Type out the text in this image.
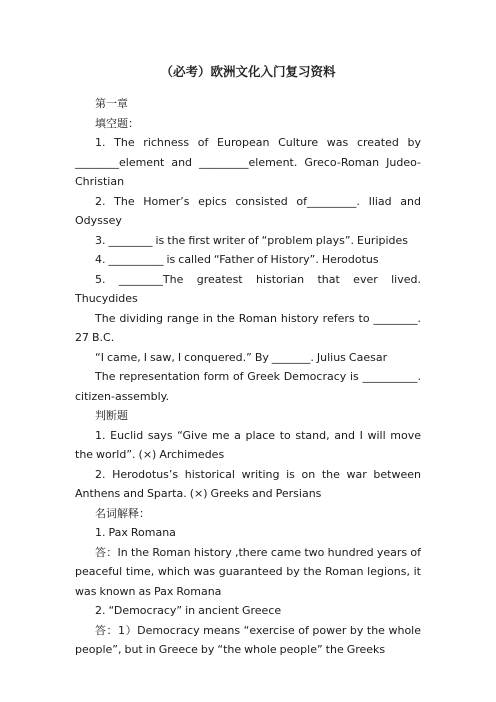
（必考）欧洲文化入门复习资料

第一章

填空题：

1. The richness of European Culture was created by ________element and _________element. Greco-Roman Judeo-Christian

2. The Homer’s epics consisted of_________. Iliad and Odyssey

3. ________ is the first writer of “problem plays”. Euripides

4. __________ is called “Father of History”. Herodotus

5. ________The greatest historian that ever lived. Thucydides

The dividing range in the Roman history refers to ________. 27 B.C.

“I came, I saw, I conquered.” By _______. Julius Caesar

The representation form of Greek Democracy is __________. citizen-assembly.

判断题

1. Euclid says “Give me a place to stand, and I will move the world”. (×) Archimedes

2. Herodotus’s historical writing is on the war between Anthens and Sparta. (×) Greeks and Persians

名词解释：

1. Pax Romana

答：In the Roman history ,there came two hundred years of peaceful time, which was guaranteed by the Roman legions, it was known as Pax Romana

2. “Democracy” in ancient Greece

答：1）Democracy means “exercise of power by the whole people”, but in Greece by “the whole people” the Greeks
